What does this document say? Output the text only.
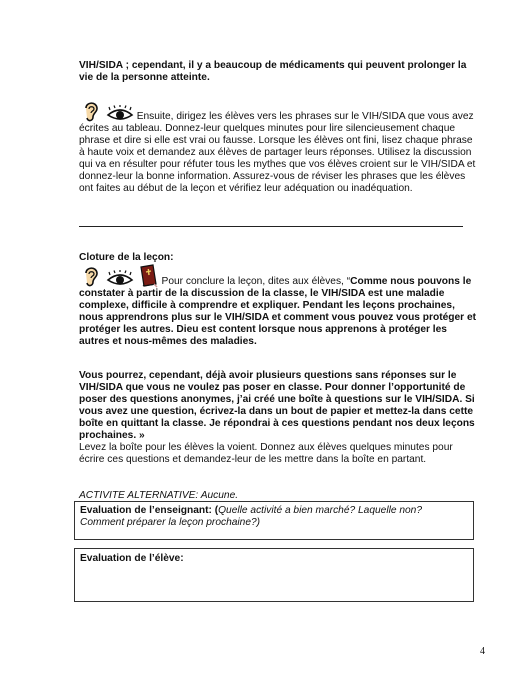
VIH/SIDA ; cependant, il y a beaucoup de médicaments qui peuvent prolonger la vie de la personne atteinte.

Ensuite, dirigez les élèves vers les phrases sur le VIH/SIDA que vous avez écrites au tableau. Donnez-leur quelques minutes pour lire silencieusement chaque phrase et dire si elle est vrai ou fausse. Lorsque les élèves ont fini, lisez chaque phrase à haute voix et demandez aux élèves de partager leurs réponses. Utilisez la discussion qui va en résulter pour réfuter tous les mythes que vos élèves croient sur le VIH/SIDA et donnez-leur la bonne information. Assurez-vous de réviser les phrases que les élèves ont faites au début de la leçon et vérifiez leur adéquation ou inadéquation.

Cloture de la leçon:

Pour conclure la leçon, dites aux élèves, “Comme nous pouvons le constater à partir de la discussion de la classe, le VIH/SIDA est une maladie complexe, difficile à comprendre et expliquer. Pendant les leçons prochaines, nous apprendrons plus sur le VIH/SIDA et comment vous pouvez vous protéger et protéger les autres. Dieu est content lorsque nous apprenons à protéger les autres et nous-mêmes des maladies.

Vous pourrez, cependant, déjà avoir plusieurs questions sans réponses sur le VIH/SIDA que vous ne voulez pas poser en classe. Pour donner l’opportunité de poser des questions anonymes, j’ai créé une boîte à questions sur le VIH/SIDA. Si vous avez une question, écrivez-la dans un bout de papier et mettez-la dans cette boîte en quittant la classe. Je répondrai à ces questions pendant nos deux leçons prochaines. »

Levez la boîte pour les élèves la voient. Donnez aux élèves quelques minutes pour écrire ces questions et demandez-leur de les mettre dans la boîte en partant.

ACTIVITE ALTERNATIVE: Aucune.

Evaluation de l’enseignant: (Quelle activité a bien marché? Laquelle non? Comment préparer la leçon prochaine?)
Evaluation de l’élève:
4
